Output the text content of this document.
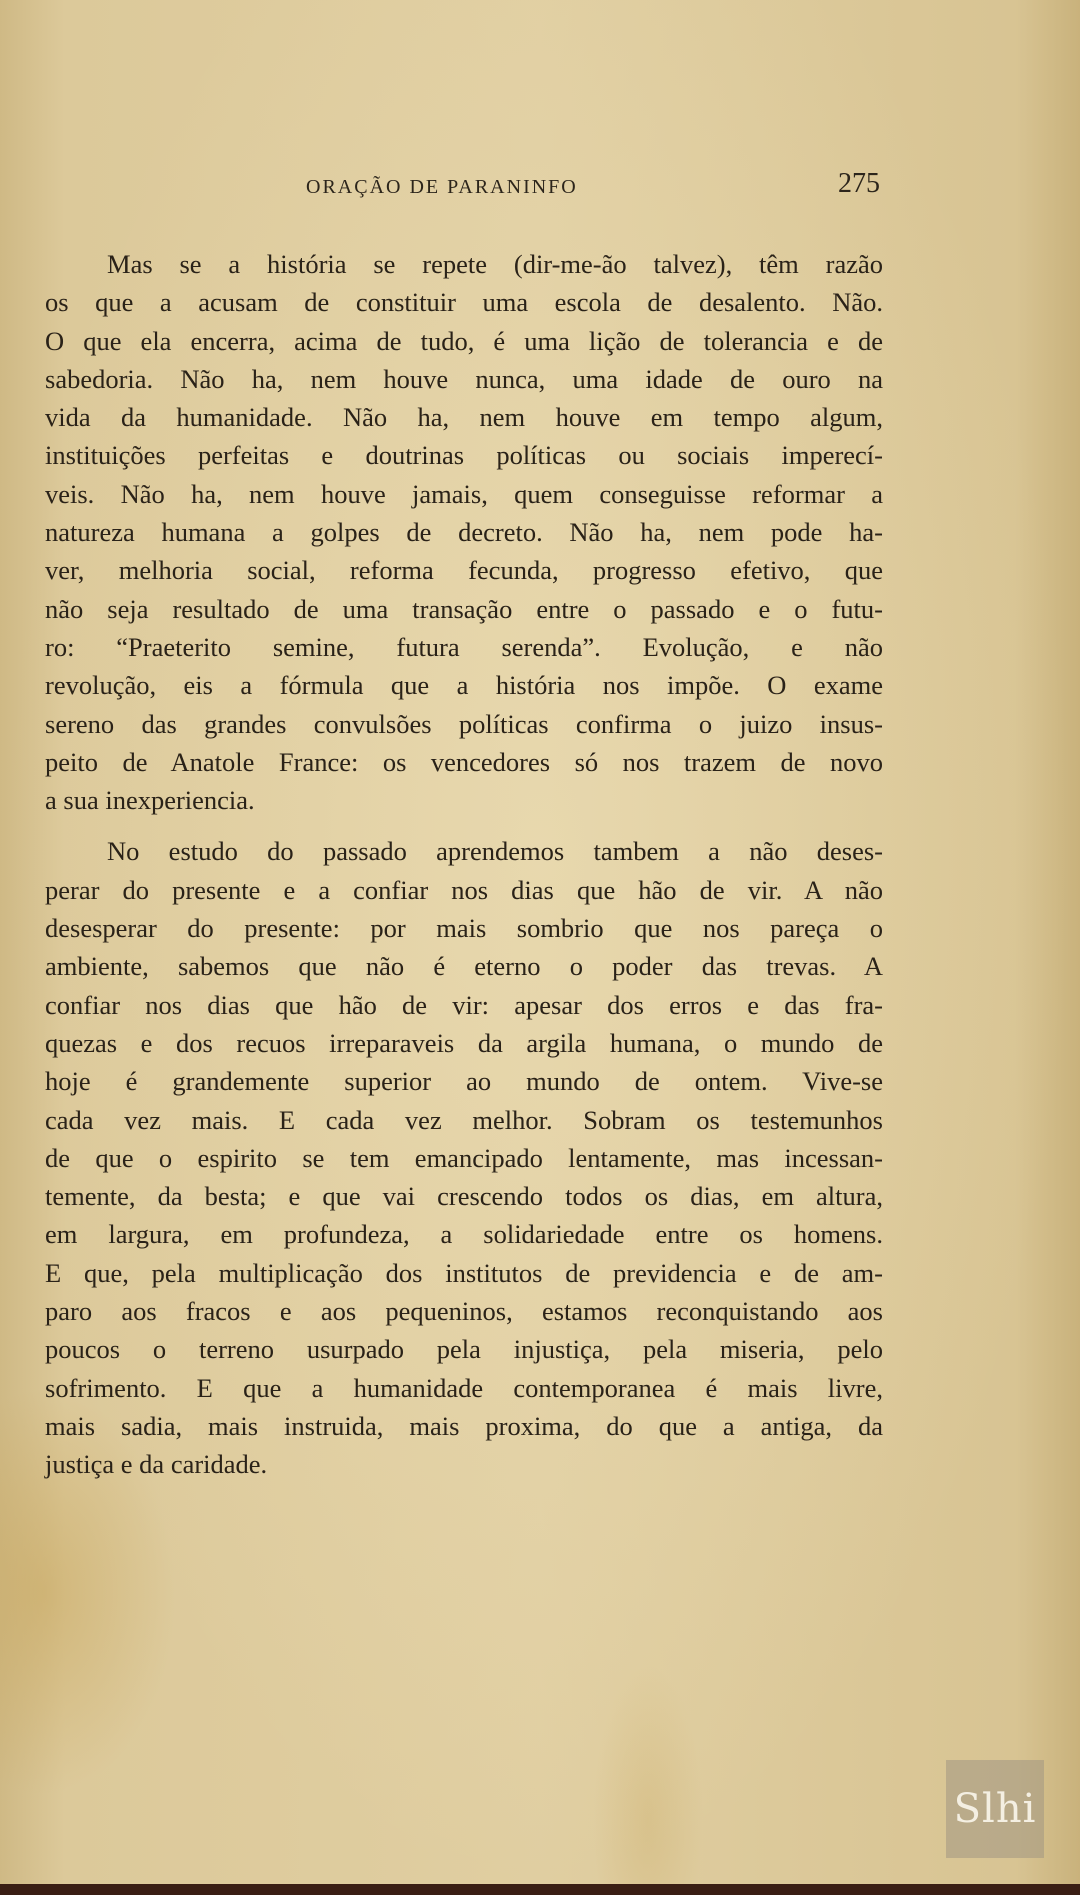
ORAÇÃO DE PARANINFO	275
Mas se a história se repete (dir-me-ão talvez), têm razão
os que a acusam de constituir uma escola de desalento. Não.
O que ela encerra, acima de tudo, é uma lição de tolerancia e de
sabedoria. Não ha, nem houve nunca, uma idade de ouro na
vida da humanidade. Não ha, nem houve em tempo algum,
instituições perfeitas e doutrinas políticas ou sociais imperecí-
veis. Não ha, nem houve jamais, quem conseguisse reformar a
natureza humana a golpes de decreto. Não ha, nem pode ha-
ver, melhoria social, reforma fecunda, progresso efetivo, que
não seja resultado de uma transação entre o passado e o futu-
ro: “Praeterito semine, futura serenda”. Evolução, e não
revolução, eis a fórmula que a história nos impõe. O exame
sereno das grandes convulsões políticas confirma o juizo insus-
peito de Anatole France: os vencedores só nos trazem de novo
a sua inexperiencia.
No estudo do passado aprendemos tambem a não deses-
perar do presente e a confiar nos dias que hão de vir. A não
desesperar do presente: por mais sombrio que nos pareça o
ambiente, sabemos que não é eterno o poder das trevas. A
confiar nos dias que hão de vir: apesar dos erros e das fra-
quezas e dos recuos irreparaveis da argila humana, o mundo de
hoje é grandemente superior ao mundo de ontem. Vive-se
cada vez mais. E cada vez melhor. Sobram os testemunhos
de que o espirito se tem emancipado lentamente, mas incessan-
temente, da besta; e que vai crescendo todos os dias, em altura,
em largura, em profundeza, a solidariedade entre os homens.
E que, pela multiplicação dos institutos de previdencia e de am-
paro aos fracos e aos pequeninos, estamos reconquistando aos
poucos o terreno usurpado pela injustiça, pela miseria, pelo
sofrimento. E que a humanidade contemporanea é mais livre,
mais sadia, mais instruida, mais proxima, do que a antiga, da
justiça e da caridade.
Slhi
